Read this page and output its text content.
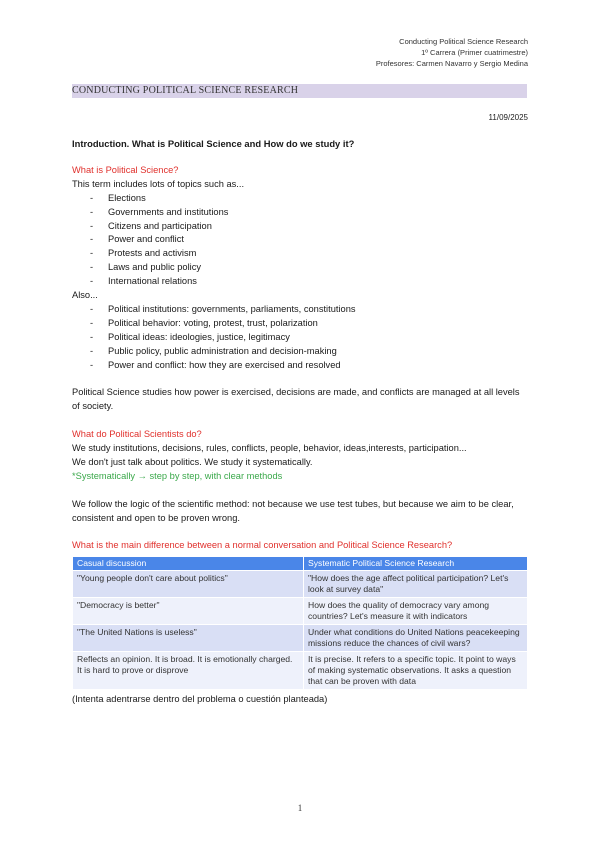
Conducting Political Science Research
1º Carrera (Primer cuatrimestre)
Profesores: Carmen Navarro y Sergio Medina
CONDUCTING POLITICAL SCIENCE RESEARCH
11/09/2025

Introduction. What is Political Science and How do we study it?

What is Political Science?

This term includes lots of topics such as...

- Elections
- Governments and institutions
- Citizens and participation
- Power and conflict
- Protests and activism
- Laws and public policy
- International relations

Also...

- Political institutions: governments, parliaments, constitutions
- Political behavior: voting, protest, trust, polarization
- Political ideas: ideologies, justice, legitimacy
- Public policy, public administration and decision-making
- Power and conflict: how they are exercised and resolved

Political Science studies how power is exercised, decisions are made, and conflicts are managed at all levels of society.

What do Political Scientists do?

We study institutions, decisions, rules, conflicts, people, behavior, ideas,interests, participation...

We don't just talk about politics. We study it systematically.

*Systematically → step by step, with clear methods

We follow the logic of the scientific method: not because we use test tubes, but because we aim to be clear, consistent and open to be proven wrong.

What is the main difference between a normal conversation and Political Science Research?

Casual discussion	Systematic Political Science Research
"Young people don't care about politics"	"How does the age affect political participation? Let's look at survey data"
"Democracy is better"	How does the quality of democracy vary among countries? Let's measure it with indicators
"The United Nations is useless"	Under what conditions do United Nations peacekeeping missions reduce the chances of civil wars?
Reflects an opinion. It is broad. It is emotionally charged. It is hard to prove or disprove	It is precise. It refers to a specific topic. It point to ways of making systematic observations. It asks a question that can be proven with data

(Intenta adentrarse dentro del problema o cuestión planteada)

1
